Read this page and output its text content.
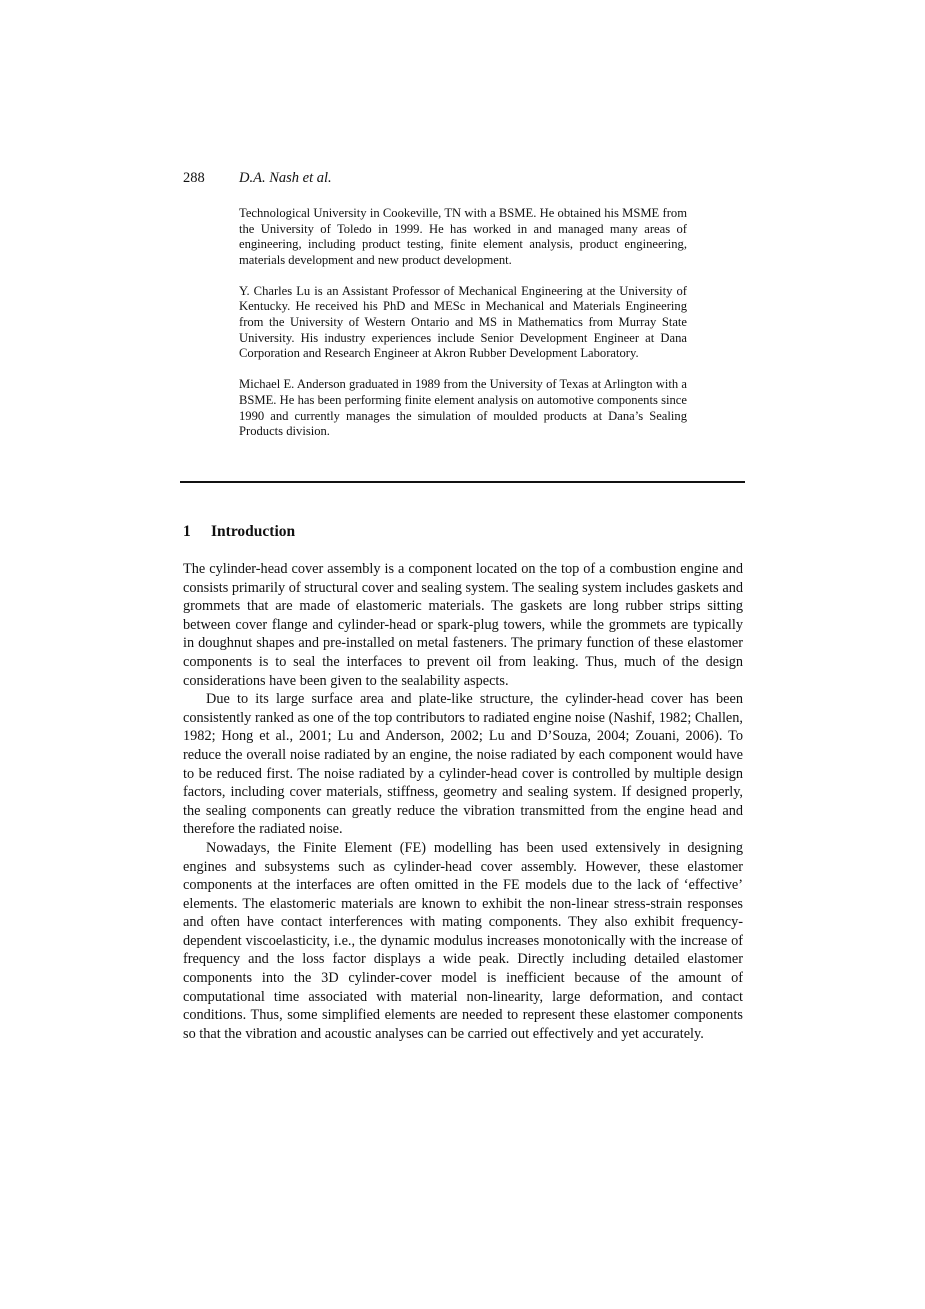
288 D.A. Nash et al.

Technological University in Cookeville, TN with a BSME. He obtained his MSME from the University of Toledo in 1999. He has worked in and managed many areas of engineering, including product testing, finite element analysis, product engineering, materials development and new product development.

Y. Charles Lu is an Assistant Professor of Mechanical Engineering at the University of Kentucky. He received his PhD and MESc in Mechanical and Materials Engineering from the University of Western Ontario and MS in Mathematics from Murray State University. His industry experiences include Senior Development Engineer at Dana Corporation and Research Engineer at Akron Rubber Development Laboratory.

Michael E. Anderson graduated in 1989 from the University of Texas at Arlington with a BSME. He has been performing finite element analysis on automotive components since 1990 and currently manages the simulation of moulded products at Dana’s Sealing Products division.

1 Introduction

The cylinder-head cover assembly is a component located on the top of a combustion engine and consists primarily of structural cover and sealing system. The sealing system includes gaskets and grommets that are made of elastomeric materials. The gaskets are long rubber strips sitting between cover flange and cylinder-head or spark-plug towers, while the grommets are typically in doughnut shapes and pre-installed on metal fasteners. The primary function of these elastomer components is to seal the interfaces to prevent oil from leaking. Thus, much of the design considerations have been given to the sealability aspects.

Due to its large surface area and plate-like structure, the cylinder-head cover has been consistently ranked as one of the top contributors to radiated engine noise (Nashif, 1982; Challen, 1982; Hong et al., 2001; Lu and Anderson, 2002; Lu and D’Souza, 2004; Zouani, 2006). To reduce the overall noise radiated by an engine, the noise radiated by each component would have to be reduced first. The noise radiated by a cylinder-head cover is controlled by multiple design factors, including cover materials, stiffness, geometry and sealing system. If designed properly, the sealing components can greatly reduce the vibration transmitted from the engine head and therefore the radiated noise.

Nowadays, the Finite Element (FE) modelling has been used extensively in designing engines and subsystems such as cylinder-head cover assembly. However, these elastomer components at the interfaces are often omitted in the FE models due to the lack of ‘effective’ elements. The elastomeric materials are known to exhibit the non-linear stress-strain responses and often have contact interferences with mating components. They also exhibit frequency-dependent viscoelasticity, i.e., the dynamic modulus increases monotonically with the increase of frequency and the loss factor displays a wide peak. Directly including detailed elastomer components into the 3D cylinder-cover model is inefficient because of the amount of computational time associated with material non-linearity, large deformation, and contact conditions. Thus, some simplified elements are needed to represent these elastomer components so that the vibration and acoustic analyses can be carried out effectively and yet accurately.
